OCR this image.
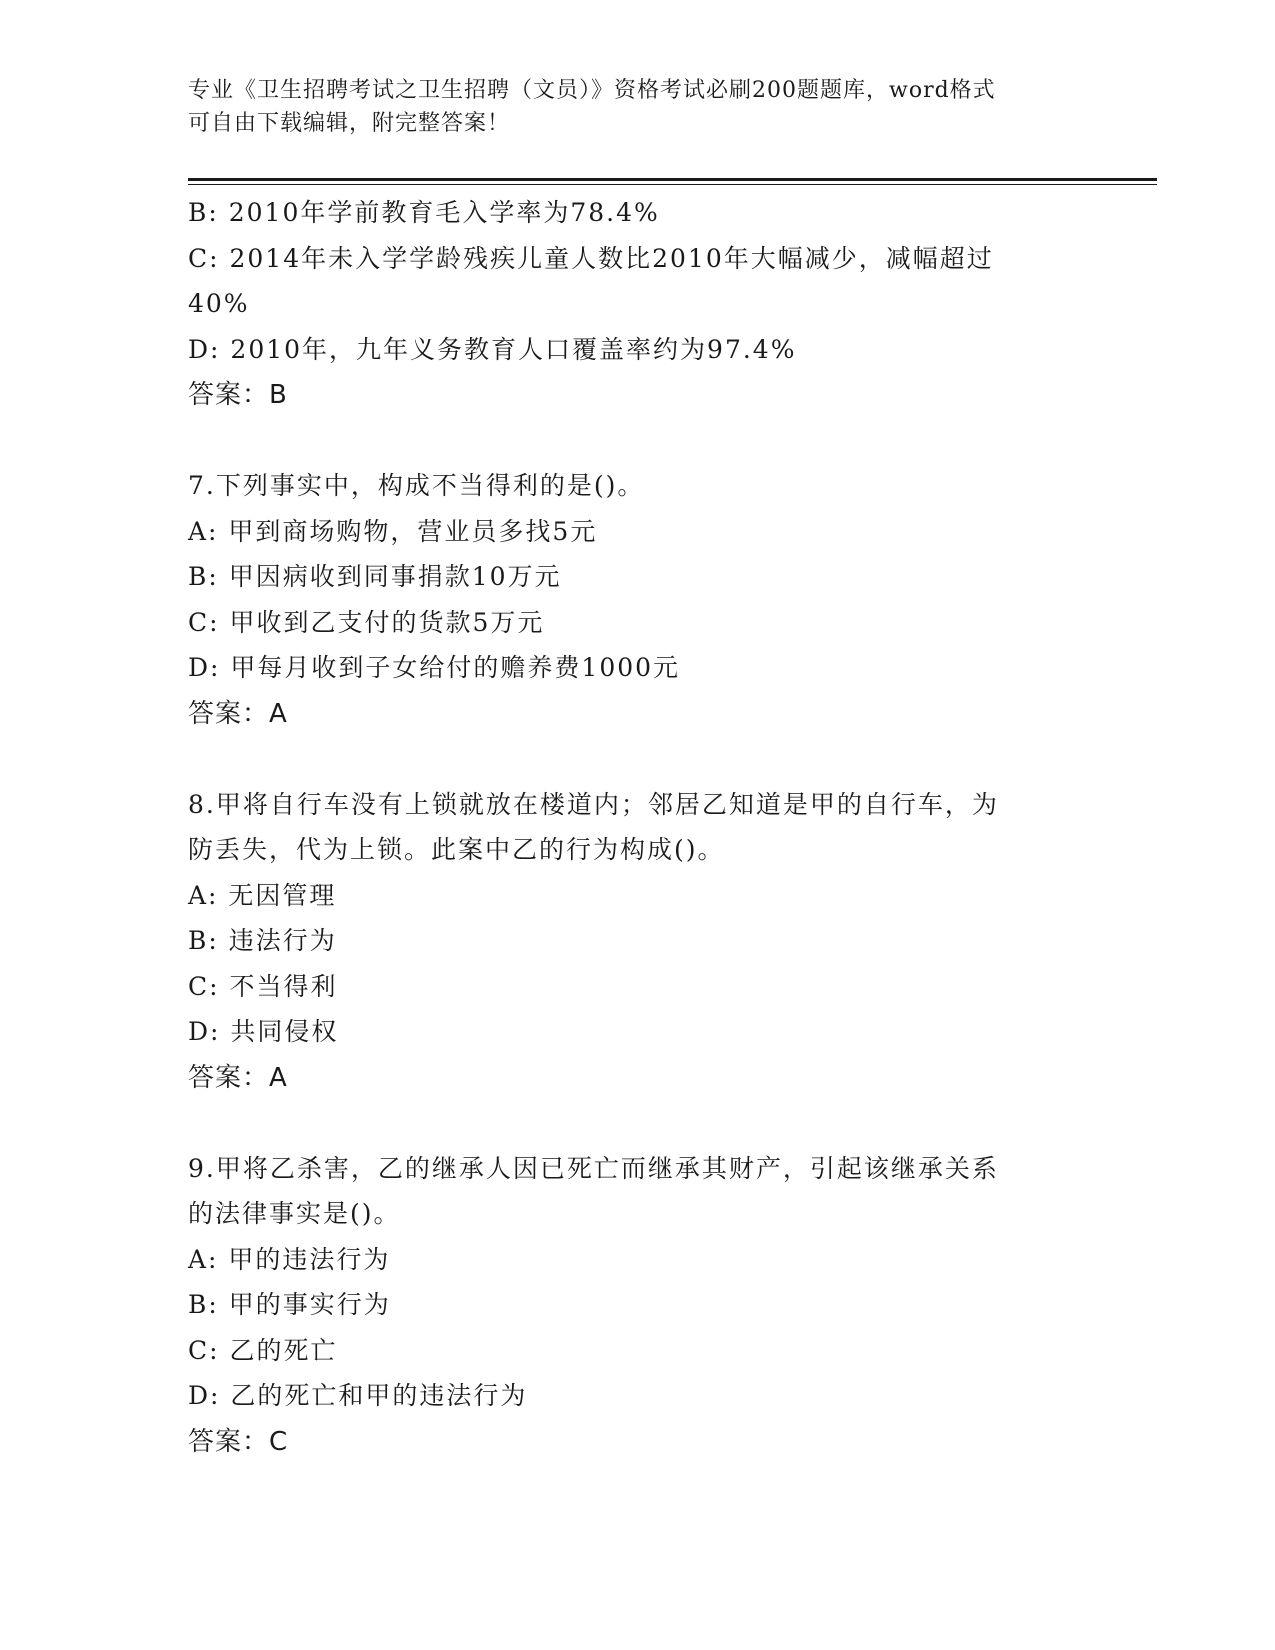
专业《卫生招聘考试之卫生招聘（文员）》资格考试必刷200题题库，word格式
可自由下载编辑，附完整答案！
B: 2010年学前教育毛入学率为78.4%
C: 2014年未入学学龄残疾儿童人数比2010年大幅减少，减幅超过
40%
D: 2010年，九年义务教育人口覆盖率约为97.4%
答案：B
7.下列事实中，构成不当得利的是()。
A: 甲到商场购物，营业员多找5元
B: 甲因病收到同事捐款10万元
C: 甲收到乙支付的货款5万元
D: 甲每月收到子女给付的赡养费1000元
答案：A
8.甲将自行车没有上锁就放在楼道内；邻居乙知道是甲的自行车，为
防丢失，代为上锁。此案中乙的行为构成()。
A: 无因管理
B: 违法行为
C: 不当得利
D: 共同侵权
答案：A
9.甲将乙杀害，乙的继承人因已死亡而继承其财产，引起该继承关系
的法律事实是()。
A: 甲的违法行为
B: 甲的事实行为
C: 乙的死亡
D: 乙的死亡和甲的违法行为
答案：C
